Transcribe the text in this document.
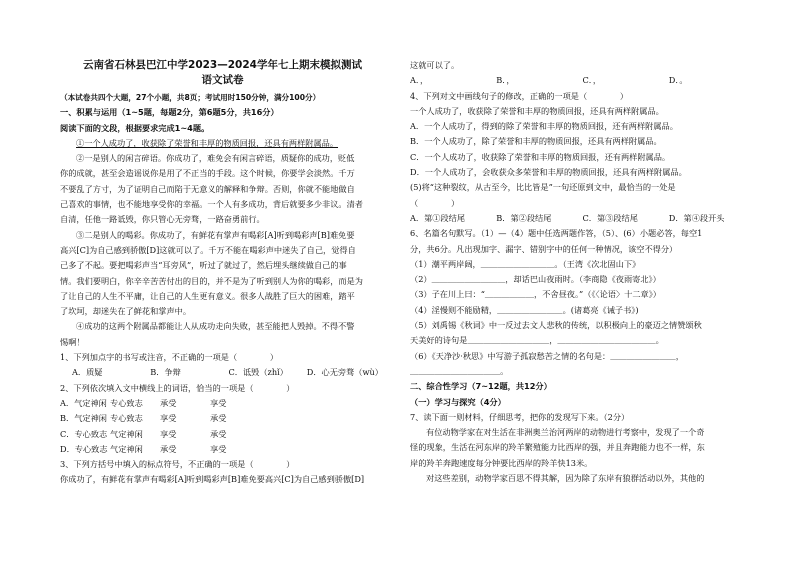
云南省石林县巴江中学2023—2024学年七上期末模拟测试
语文试卷
（本试卷共四个大题，27个小题，共8页；考试用时150分钟，满分100分）
一、积累与运用（1~5题，每题2分，第6题5分，共16分）
阅读下面的文段，根据要求完成1~4题。
①一个人成功了，收获除了荣誉和丰厚的物质回报，还具有两样附属品。
②一是别人的闲言碎语。你成功了，难免会有闲言碎语，质疑你的成功，贬低
你的成就，甚至会造谣说你是用了不正当的手段。这个时候，你要学会淡然。千万
不要乱了方寸，为了证明自己而陷于无意义的解释和争辩。否则，你就不能地做自
己喜欢的事情，也不能地享受你的幸福。一个人有多成功，背后就要多少非议。清者
自清，任他一路诋毁，你只管心无旁骛，一路奋勇前行。
③二是别人的喝彩。你成功了，有鲜花有掌声有喝彩[A]听到喝彩声[B]难免要
高兴[C]为自己感到骄傲[D]这就可以了。千万不能在喝彩声中迷失了自己，觉得自
己多了不起。要把喝彩声当“耳旁风”，听过了就过了，然后埋头继续做自己的事
情。我们要明白，你辛辛苦苦付出的目的，并不是为了听到别人为你的喝彩，而是为
了让自己的人生不平庸，让自己的人生更有意义。很多人战胜了巨大的困难，踏平
了坎坷，却迷失在了鲜花和掌声中。
④成功的这两个附属品都能让人从成功走向失败，甚至能把人毁掉。不得不警
惕啊！
1、下列加点字的书写或注音，不正确的一项是（　　　　）
A．质疑	B．争辩	C．诋毁（zhǐ）	D．心无旁骛（wù）
2、下列依次填入文中横线上的词语，恰当的一项是（　　　　）
A．气定神闲 专心致志	承受	享受
B．气定神闲 专心致志	享受	承受
C．专心致志 气定神闲	享受	承受
D．专心致志 气定神闲	承受	享受
3、下列方括号中填入的标点符号，不正确的一项是（　　　　）
你成功了，有鲜花有掌声有喝彩[A]听到喝彩声[B]难免要高兴[C]为自己感到骄傲[D]
这就可以了。
A．，	B．，	C．，	D．。
4、下列对文中画线句子的修改，正确的一项是（　　　　）
一个人成功了，收获除了荣誉和丰厚的物质回报，还具有两样附属品。
A．一个人成功了，得到的除了荣誉和丰厚的物质回报，还有两样附属品。
B．一个人成功了，除了荣誉和丰厚的物质回报，还具有两样附属品。
C．一个人成功了，收获除了荣誉和丰厚的物质回报，还有两样附属品。
D．一个人成功了，会收获众多荣誉和丰厚的物质回报，还具有两样附属品。
(5)将“这种裂纹，从古至今，比比皆是”一句还原到文中，最恰当的一处是
（　　　　）
A．第①段结尾	B．第②段结尾	C．第③段结尾	D．第④段开头
6、名篇名句默写。（1）—（4）题中任选两题作答，（5）、(6）小题必答，每空1
分，共6分。凡出现加字、漏字、错别字中的任何一种情况，该空不得分）
（1）潮平两岸阔，＿＿＿＿＿＿＿＿＿。（王湾《次北固山下》
（2）＿＿＿＿＿＿＿＿＿，却话巴山夜雨时。（李商隐《夜雨寄北》）
（3）子在川上曰：“＿＿＿＿＿＿，不舍昼夜。”（《〈论语〉十二章》）
（4）淫慢则不能励精，＿＿＿＿＿＿＿＿。(诸葛亮《诫子书》)
（5）刘禹锡《秋词》中一反过去文人悲秋的传统，以积极向上的豪迈之情赞颂秋
天美好的诗句是＿＿＿＿＿＿＿＿＿＿，＿＿＿＿＿＿＿＿＿＿＿＿。
（6）《天净沙·秋思》中写游子孤寂愁苦之情的名句是：＿＿＿＿＿＿＿＿，
＿＿＿＿＿＿＿＿＿＿＿。
二、综合性学习（7~12题，共12分）
（一）学习与探究（4分）
7、读下面一则材料，仔细思考，把你的发现写下来。（2分）
有位动物学家在对生活在非洲奥兰治河两岸的动物进行考察中，发现了一个奇
怪的现象，生活在河东岸的羚羊繁殖能力比西岸的强，并且奔跑能力也不一样，东
岸的羚羊奔跑速度每分钟要比西岸的羚羊快13米。
对这些差别，动物学家百思不得其解，因为除了东岸有狼群活动以外，其他的
